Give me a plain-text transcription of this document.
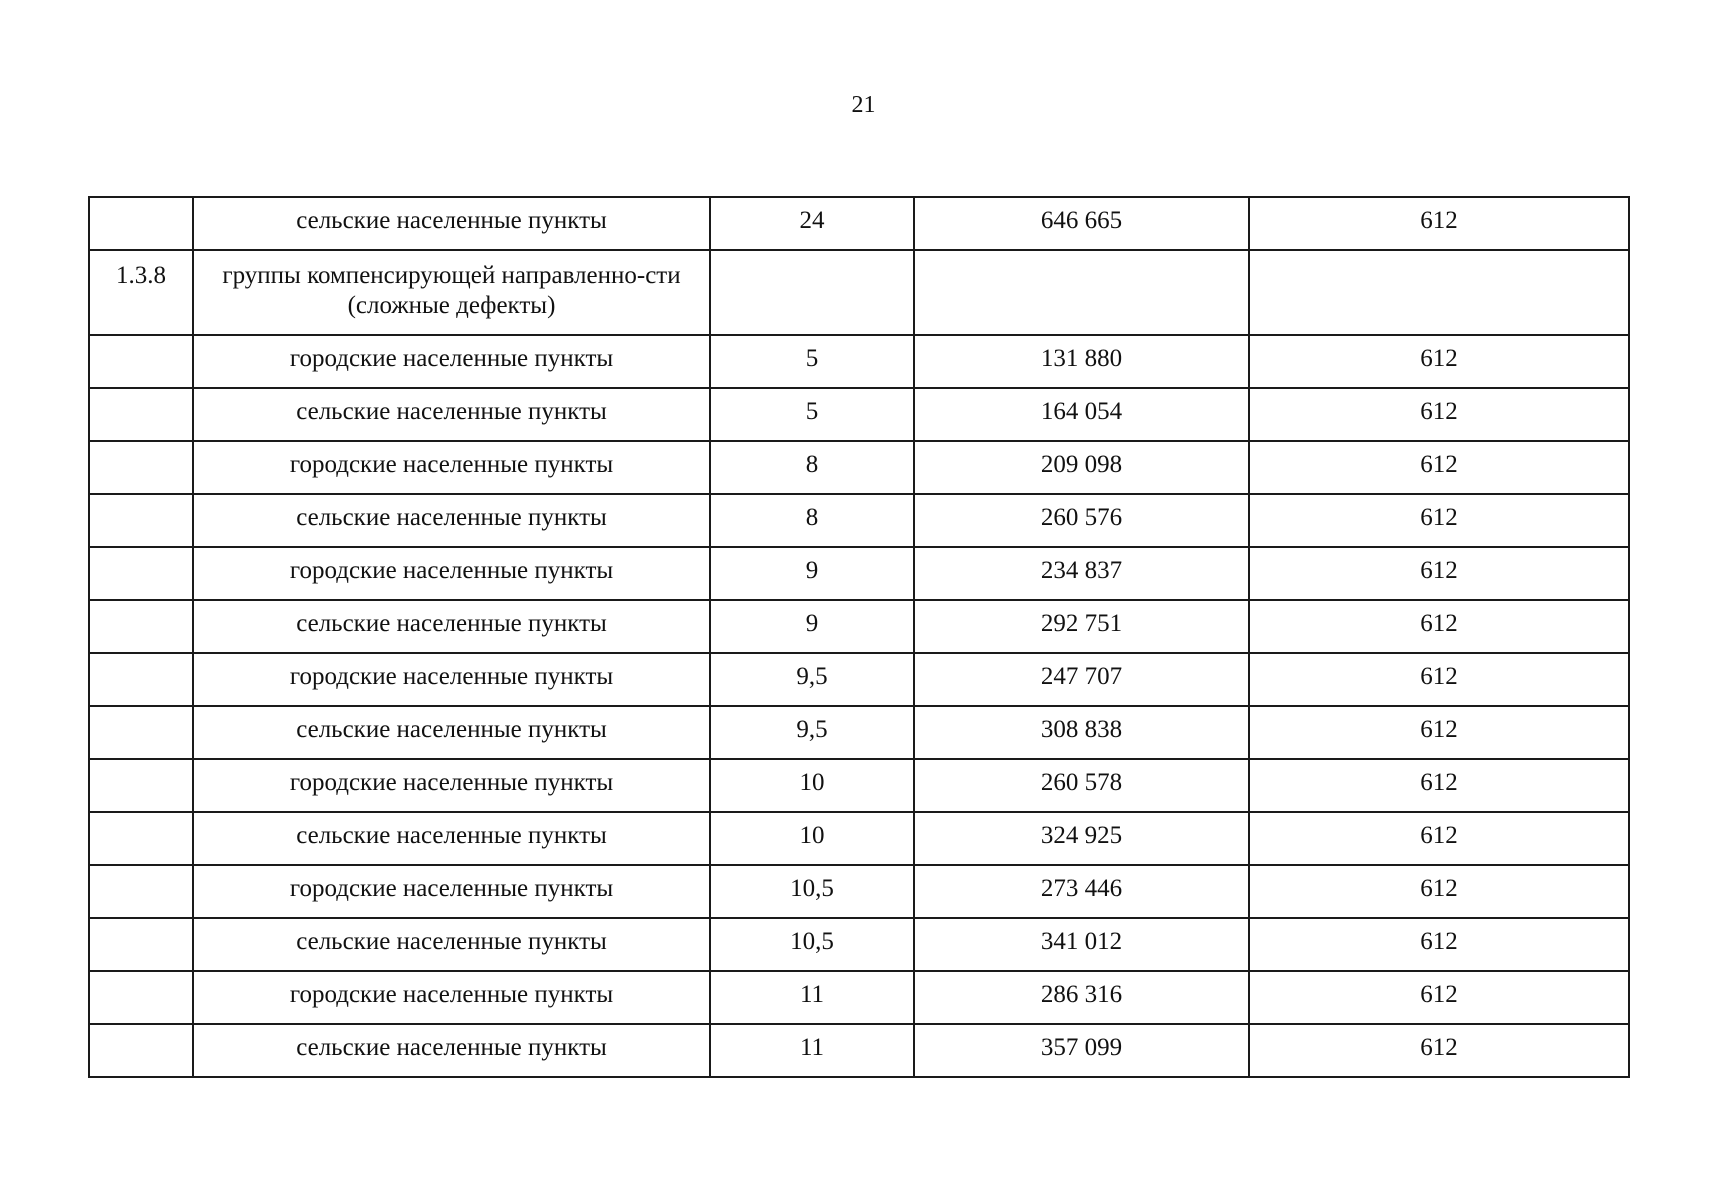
21
	сельские населенные пункты	24	646 665	612
1.3.8	группы компенсирующей направленно-сти (сложные дефекты)			
	городские населенные пункты	5	131 880	612
	сельские населенные пункты	5	164 054	612
	городские населенные пункты	8	209 098	612
	сельские населенные пункты	8	260 576	612
	городские населенные пункты	9	234 837	612
	сельские населенные пункты	9	292 751	612
	городские населенные пункты	9,5	247 707	612
	сельские населенные пункты	9,5	308 838	612
	городские населенные пункты	10	260 578	612
	сельские населенные пункты	10	324 925	612
	городские населенные пункты	10,5	273 446	612
	сельские населенные пункты	10,5	341 012	612
	городские населенные пункты	11	286 316	612
	сельские населенные пункты	11	357 099	612
